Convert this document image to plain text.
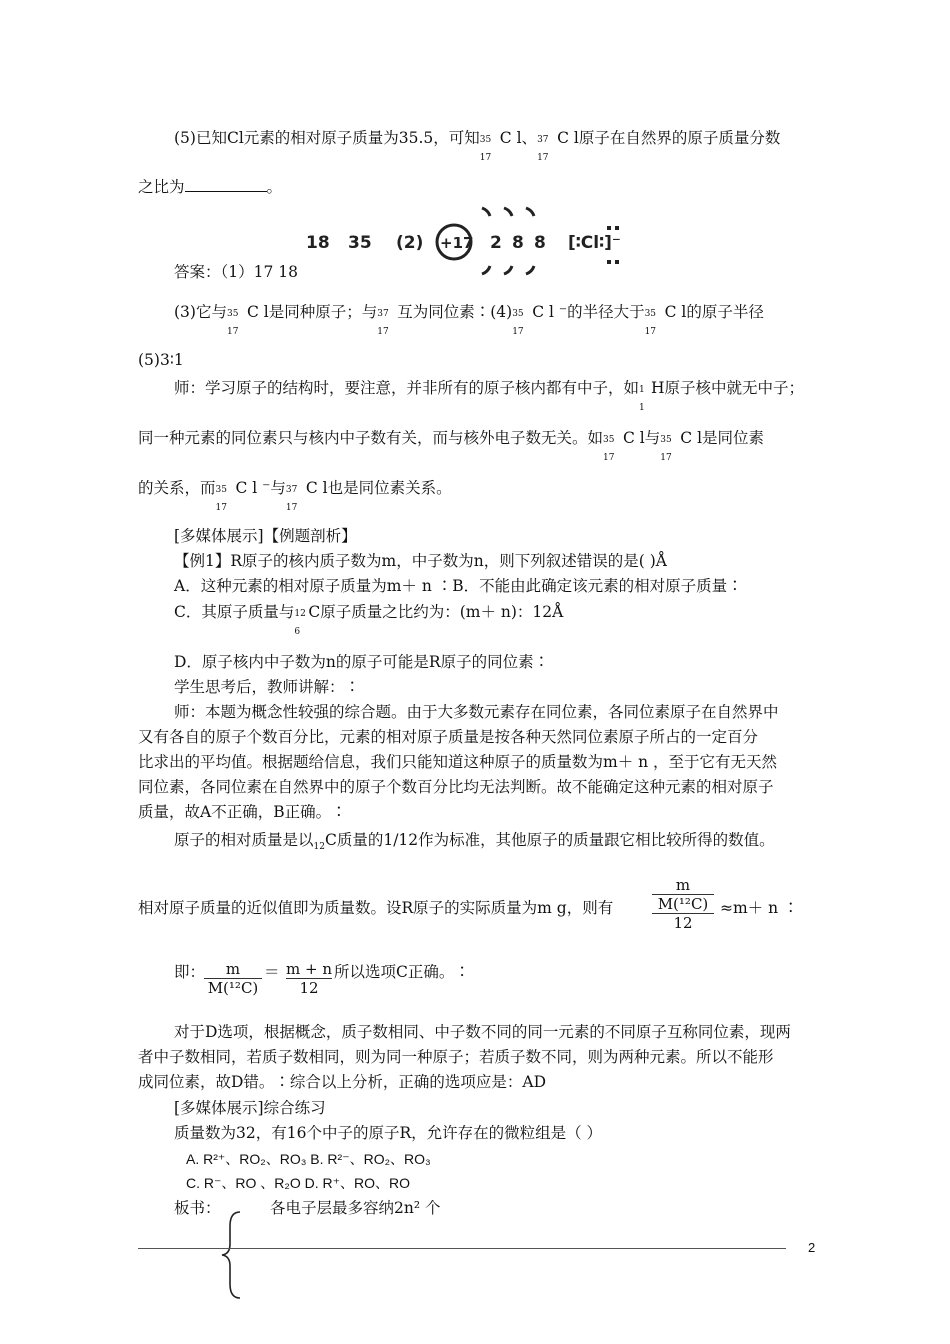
(5)已知Cl元素的相对原子质量为35.5，可知 35
17
C l、 37
17
C l原子在自然界的原子质量分数
之比为	。
18 35 (2) +17 2 8 8 [∶Cl∶]⁻
答案：（1）17 18
(3)它与 35
17
C l是同种原子；与 37
17
互为同位素∶(4) 35
17
C l ⁻的半径大于 35
17
C l的原子半径
(5)3∶1
师：学习原子的结构时，要注意，并非所有的原子核内都有中子，如 1
1
H原子核中就无中子；
同一种元素的同位素只与核内中子数有关，而与核外电子数无关。如 35
17
C l与 35
17
C l是同位素
的关系，而 35
17
C l ⁻与 37
17
C l也是同位素关系。
[多媒体展示]【例题剖析】
【例1】R原子的核内质子数为m，中子数为n，则下列叙述错误的是( )Å
A．这种元素的相对原子质量为m＋ n ∶B．不能由此确定该元素的相对原子质量∶
C．其原子质量与 12
6
C原子质量之比约为：(m＋ n)：12Å
D．原子核内中子数为n的原子可能是R原子的同位素∶
学生思考后，教师讲解：∶
师：本题为概念性较强的综合题。由于大多数元素存在同位素，各同位素原子在自然界中
又有各自的原子个数百分比，元素的相对原子质量是按各种天然同位素原子所占的一定百分
比求出的平均值。根据题给信息，我们只能知道这种原子的质量数为m＋ n ，至于它有无天然
同位素，各同位素在自然界中的原子个数百分比均无法判断。故不能确定这种元素的相对原子
质量，故A不正确，B正确。∶
原子的相对质量是以$_{12}$C质量的1/12作为标准，其他原子的质量跟它相比较所得的数值。
相对原子质量的近似值即为质量数。设R原子的实际质量为m g，则有
m
M(¹²C)
12
≈m＋ n ∶
即：
$\frac{m}{\text{M(¹²C)}} = \frac{m + n}{12}$ 所以选项C正确。∶
对于D选项，根据概念，质子数相同、中子数不同的同一元素的不同原子互称同位素，现两
者中子数相同，若质子数相同，则为同一种原子；若质子数不同，则为两种元素。所以不能形
成同位素，故D错。∶综合以上分析，正确的选项应是：AD
[多媒体展示]综合练习
质量数为32，有16个中子的原子R，允许存在的微粒组是（ ）
A. R²⁺、RO₂、RO₃ B. R²⁻、RO₂、RO₃
C. R⁻、RO 、R₂O D. R⁺、RO、RO
板书：	各电子层最多容纳2n² 个
2
